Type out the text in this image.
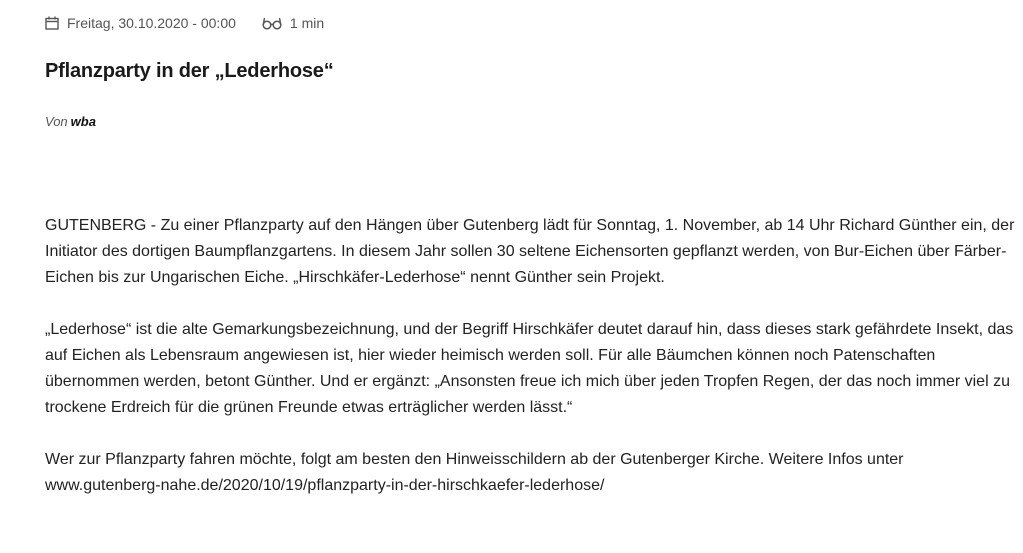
Freitag, 30.10.2020 - 00:00	1 min
Pflanzparty in der „Lederhose“
Von wba

GUTENBERG - Zu einer Pflanzparty auf den Hängen über Gutenberg lädt für Sonntag, 1. November, ab 14 Uhr Richard Günther ein, der Initiator des dortigen Baumpflanzgartens. In diesem Jahr sollen 30 seltene Eichensorten gepflanzt werden, von Bur-Eichen über Färber-Eichen bis zur Ungarischen Eiche. „Hirschkäfer-Lederhose“ nennt Günther sein Projekt.

„Lederhose“ ist die alte Gemarkungsbezeichnung, und der Begriff Hirschkäfer deutet darauf hin, dass dieses stark gefährdete Insekt, das auf Eichen als Lebensraum angewiesen ist, hier wieder heimisch werden soll. Für alle Bäumchen können noch Patenschaften übernommen werden, betont Günther. Und er ergänzt: „Ansonsten freue ich mich über jeden Tropfen Regen, der das noch immer viel zu trockene Erdreich für die grünen Freunde etwas erträglicher werden lässt.“

Wer zur Pflanzparty fahren möchte, folgt am besten den Hinweisschildern ab der Gutenberger Kirche. Weitere Infos unter www.gutenberg-nahe.de/2020/10/19/pflanzparty-in-der-hirschkaefer-lederhose/
